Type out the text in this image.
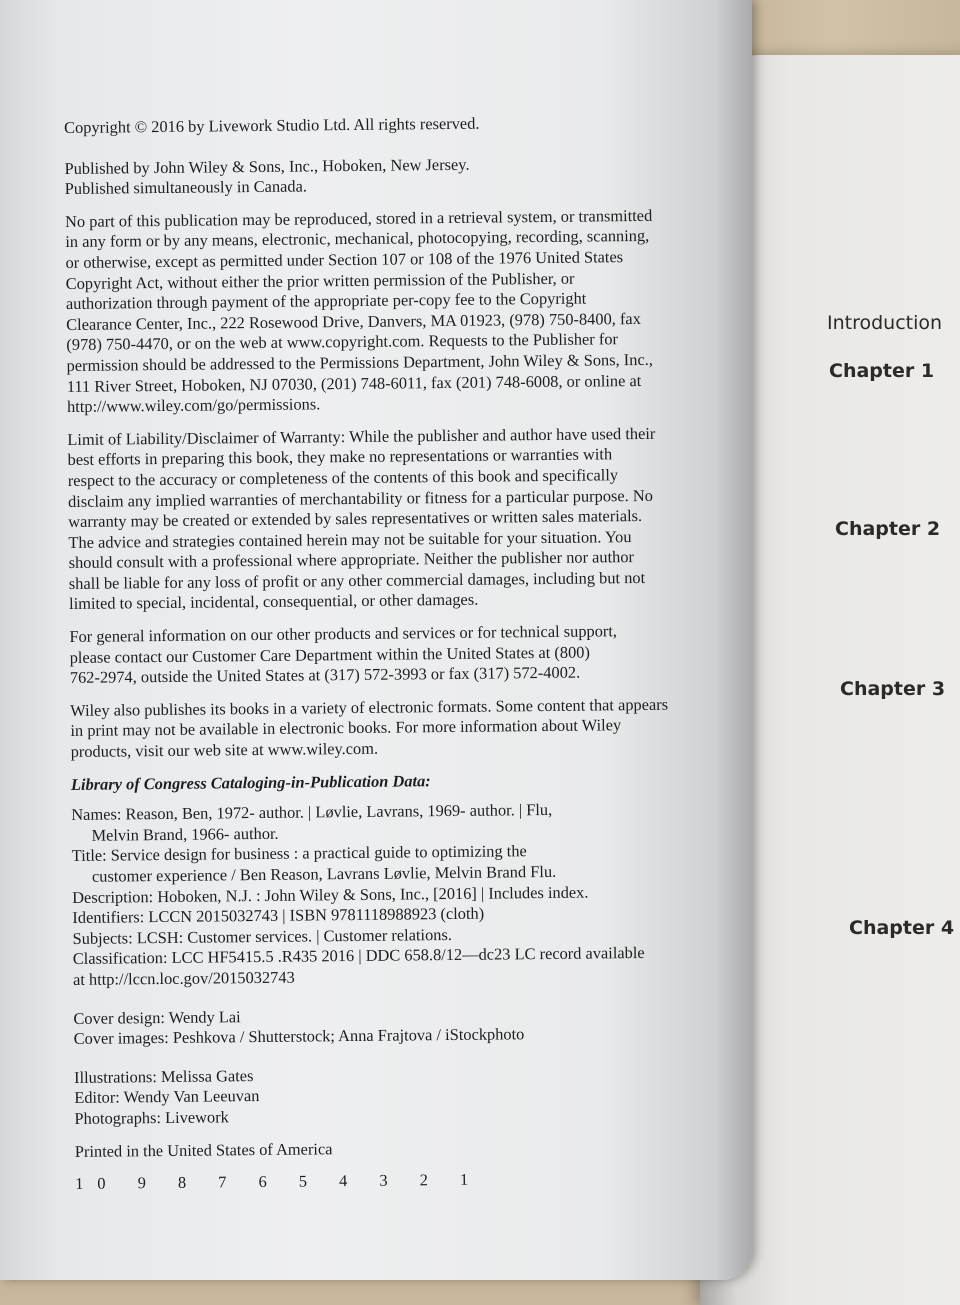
Introduction

Chapter 1

Chapter 2

Chapter 3

Chapter 4

Copyright © 2016 by Livework Studio Ltd. All rights reserved.

Published by John Wiley & Sons, Inc., Hoboken, New Jersey.
Published simultaneously in Canada.

No part of this publication may be reproduced, stored in a retrieval system, or transmitted
in any form or by any means, electronic, mechanical, photocopying, recording, scanning,
or otherwise, except as permitted under Section 107 or 108 of the 1976 United States
Copyright Act, without either the prior written permission of the Publisher, or
authorization through payment of the appropriate per-copy fee to the Copyright
Clearance Center, Inc., 222 Rosewood Drive, Danvers, MA 01923, (978) 750-8400, fax
(978) 750-4470, or on the web at www.copyright.com. Requests to the Publisher for
permission should be addressed to the Permissions Department, John Wiley & Sons, Inc.,
111 River Street, Hoboken, NJ 07030, (201) 748-6011, fax (201) 748-6008, or online at
http://www.wiley.com/go/permissions.

Limit of Liability/Disclaimer of Warranty: While the publisher and author have used their
best efforts in preparing this book, they make no representations or warranties with
respect to the accuracy or completeness of the contents of this book and specifically
disclaim any implied warranties of merchantability or fitness for a particular purpose. No
warranty may be created or extended by sales representatives or written sales materials.
The advice and strategies contained herein may not be suitable for your situation. You
should consult with a professional where appropriate. Neither the publisher nor author
shall be liable for any loss of profit or any other commercial damages, including but not
limited to special, incidental, consequential, or other damages.

For general information on our other products and services or for technical support,
please contact our Customer Care Department within the United States at (800)
762-2974, outside the United States at (317) 572-3993 or fax (317) 572-4002.

Wiley also publishes its books in a variety of electronic formats. Some content that appears
in print may not be available in electronic books. For more information about Wiley
products, visit our web site at www.wiley.com.

Library of Congress Cataloging-in-Publication Data:

Names: Reason, Ben, 1972- author. | Løvlie, Lavrans, 1969- author. | Flu,
Melvin Brand, 1966- author.
Title: Service design for business : a practical guide to optimizing the
customer experience / Ben Reason, Lavrans Løvlie, Melvin Brand Flu.
Description: Hoboken, N.J. : John Wiley & Sons, Inc., [2016] | Includes index.
Identifiers: LCCN 2015032743 | ISBN 9781118988923 (cloth)
Subjects: LCSH: Customer services. | Customer relations.
Classification: LCC HF5415.5 .R435 2016 | DDC 658.8/12—dc23 LC record available
at http://lccn.loc.gov/2015032743

Cover design: Wendy Lai
Cover images: Peshkova / Shutterstock; Anna Frajtova / iStockphoto

Illustrations: Melissa Gates
Editor: Wendy Van Leeuvan
Photographs: Livework

Printed in the United States of America

10 9 8 7 6 5 4 3 2 1
